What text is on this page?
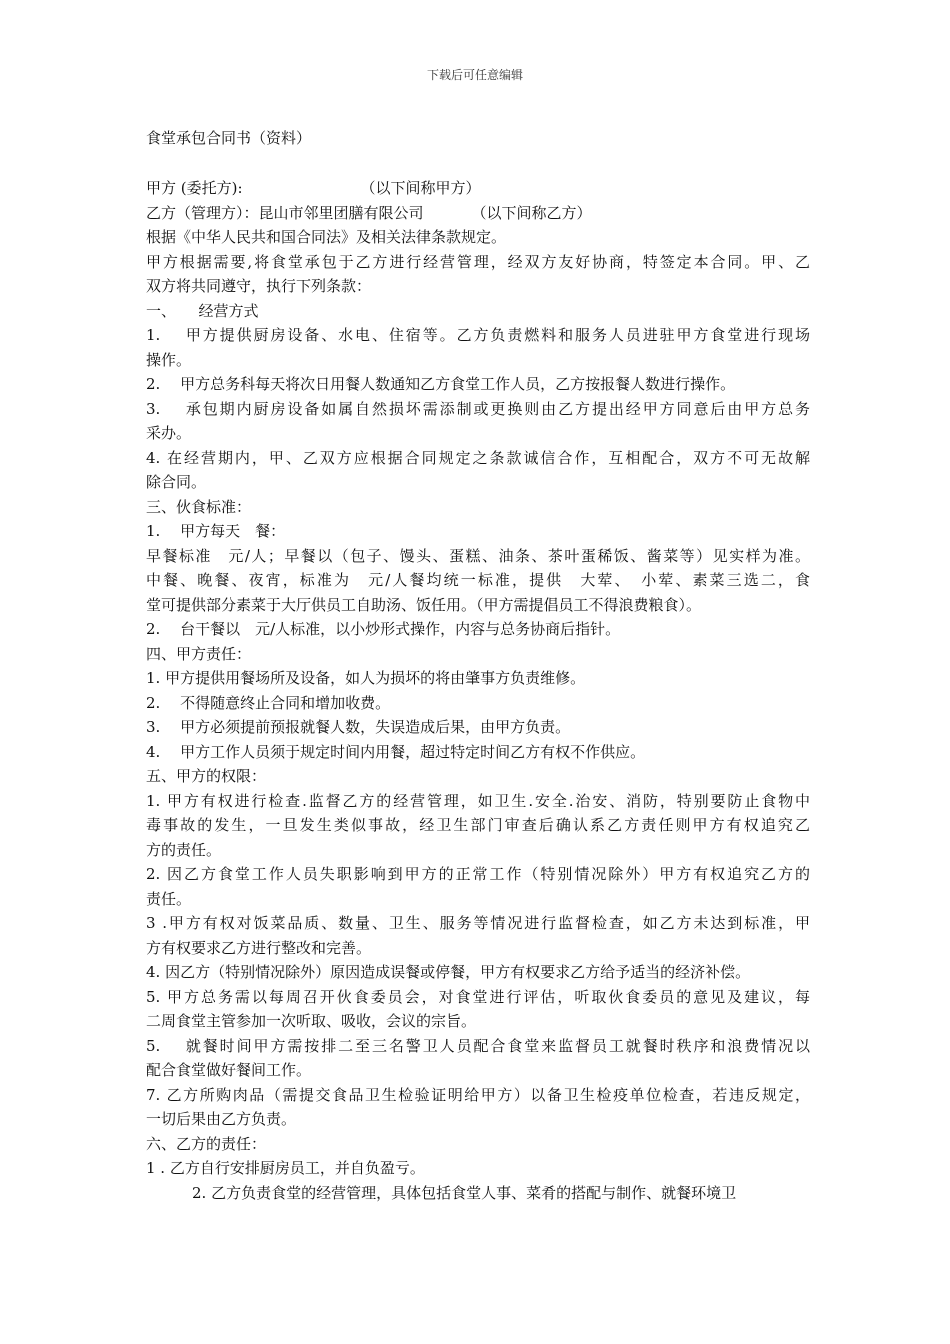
下载后可任意编辑
食堂承包合同书（资料）
甲方 (委托方):	（以下间称甲方）
乙方（管理方）：昆山市邻里团膳有限公司	（以下间称乙方）
根据《中华人民共和国合同法》及相关法律条款规定。
甲方根据需要,将食堂承包于乙方进行经营管理，经双方友好协商，特签定本合同。甲、乙
双方将共同遵守，执行下列条款：
一、　　经营方式
1.　 甲方提供厨房设备、水电、住宿等。乙方负责燃料和服务人员进驻甲方食堂进行现场
操作。
2.　 甲方总务科每天将次日用餐人数通知乙方食堂工作人员，乙方按报餐人数进行操作。
3.　 承包期内厨房设备如属自然损坏需添制或更换则由乙方提出经甲方同意后由甲方总务
采办。
4. 在经营期内，甲、乙双方应根据合同规定之条款诚信合作，互相配合，双方不可无故解
除合同。
三、伙食标准：
1.　 甲方每天　餐：
早餐标准　元/人；早餐以（包子、馒头、蛋糕、油条、茶叶蛋稀饭、酱菜等）见实样为准。
中餐、晚餐、夜宵，标准为　元/人餐均统一标准，提供　大荤、　小荤、素菜三选二，食
堂可提供部分素菜于大厅供员工自助汤、饭任用。（甲方需提倡员工不得浪费粮食）。
2.　 台干餐以　元/人标准，以小炒形式操作，内容与总务协商后指针。
四、甲方责任：
1. 甲方提供用餐场所及设备，如人为损坏的将由肇事方负责维修。
2.　 不得随意终止合同和增加收费。
3.　 甲方必须提前预报就餐人数，失误造成后果，由甲方负责。
4.　 甲方工作人员须于规定时间内用餐，超过特定时间乙方有权不作供应。
五、甲方的权限：
1. 甲方有权进行检查.监督乙方的经营管理，如卫生.安全.治安、消防，特别要防止食物中
毒事故的发生，一旦发生类似事故，经卫生部门审查后确认系乙方责任则甲方有权追究乙
方的责任。
2. 因乙方食堂工作人员失职影响到甲方的正常工作（特别情况除外）甲方有权追究乙方的
责任。
3 .甲方有权对饭菜品质、数量、卫生、服务等情况进行监督检查，如乙方未达到标准，甲
方有权要求乙方进行整改和完善。
4. 因乙方（特别情况除外）原因造成误餐或停餐，甲方有权要求乙方给予适当的经济补偿。
5. 甲方总务需以每周召开伙食委员会，对食堂进行评估，听取伙食委员的意见及建议，每
二周食堂主管参加一次听取、吸收，会议的宗旨。
5.　 就餐时间甲方需按排二至三名警卫人员配合食堂来监督员工就餐时秩序和浪费情况以
配合食堂做好餐间工作。
7. 乙方所购肉品（需提交食品卫生检验证明给甲方）以备卫生检疫单位检查，若违反规定，
一切后果由乙方负责。
六、乙方的责任：
1 . 乙方自行安排厨房员工，并自负盈亏。
2. 乙方负责食堂的经营管理，具体包括食堂人事、菜肴的搭配与制作、就餐环境卫
